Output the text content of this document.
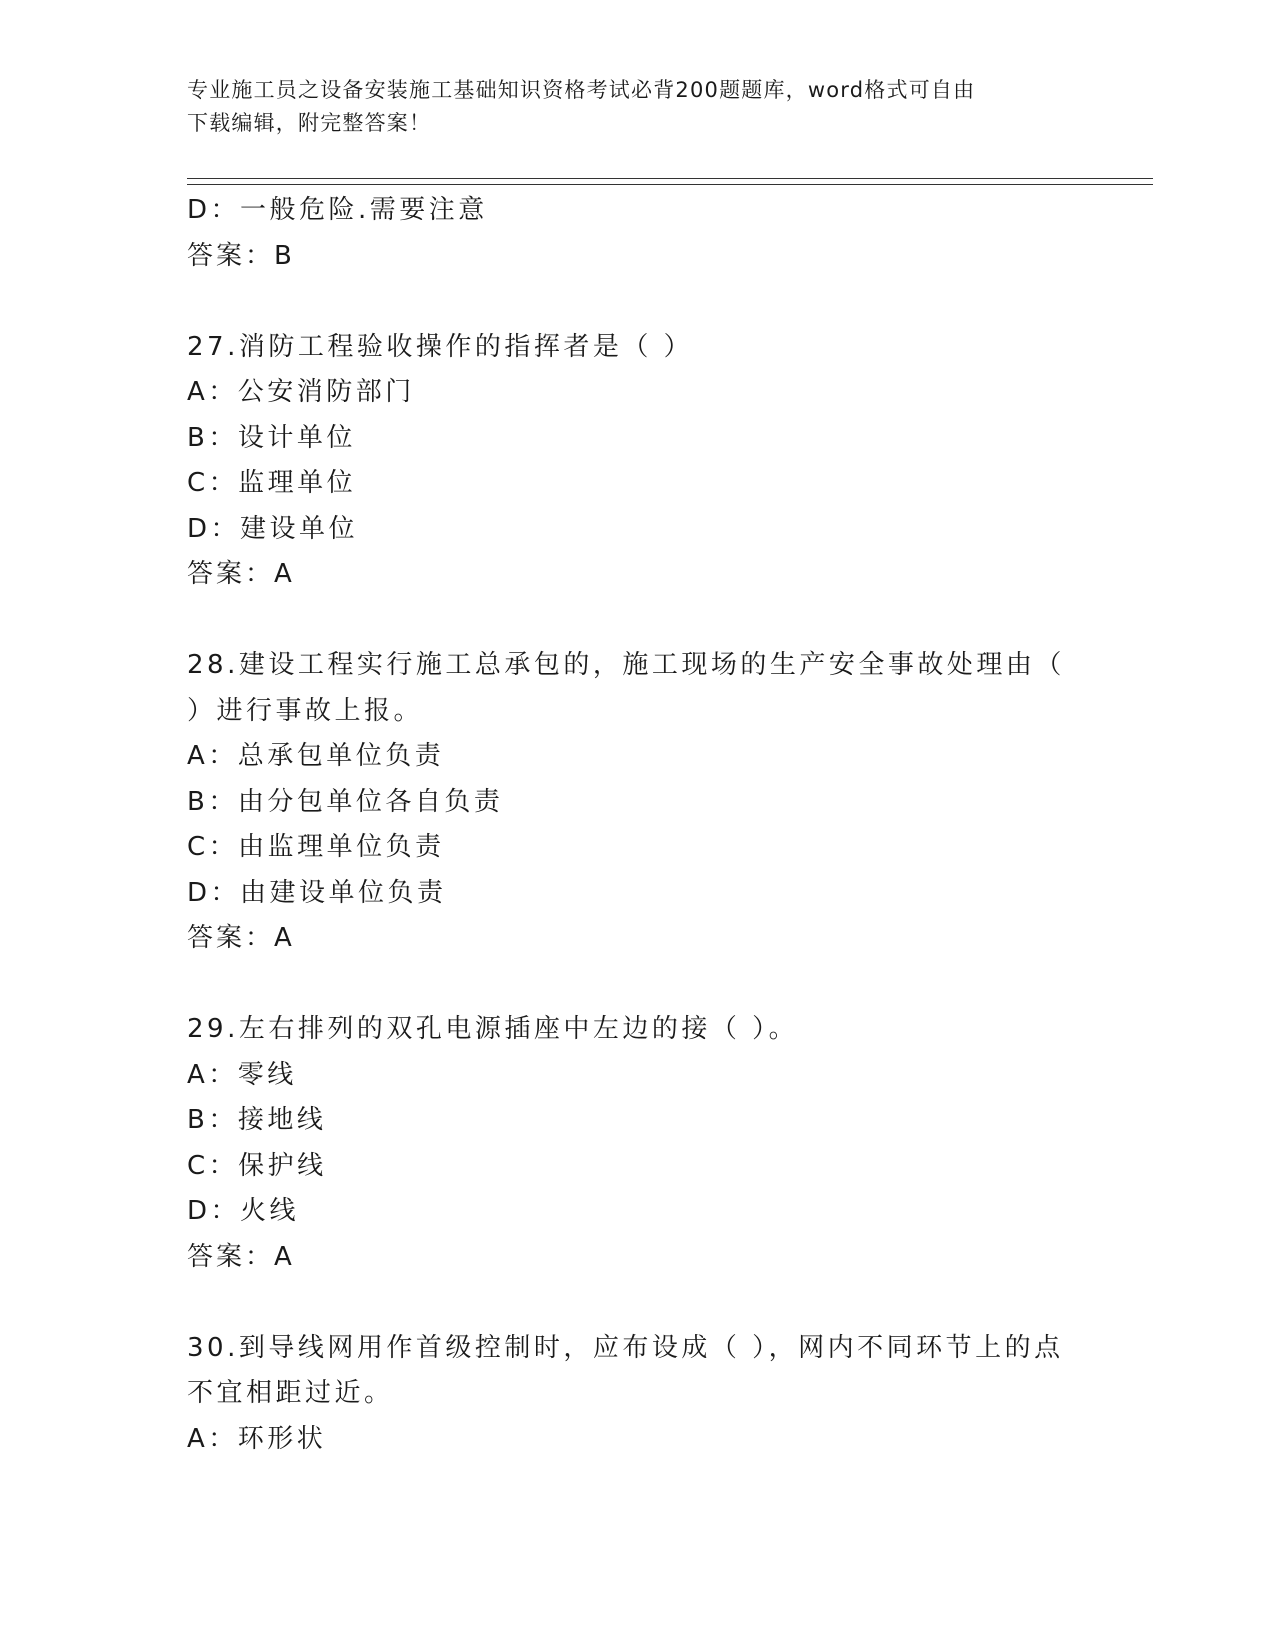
专业施工员之设备安装施工基础知识资格考试必背200题题库，word格式可自由
下载编辑，附完整答案！
D：一般危险.需要注意
答案：B
27.消防工程验收操作的指挥者是（ ）
A：公安消防部门
B：设计单位
C：监理单位
D：建设单位
答案：A
28.建设工程实行施工总承包的，施工现场的生产安全事故处理由（
）进行事故上报。
A：总承包单位负责
B：由分包单位各自负责
C：由监理单位负责
D：由建设单位负责
答案：A
29.左右排列的双孔电源插座中左边的接（ ）。
A：零线
B：接地线
C：保护线
D：火线
答案：A
30.到导线网用作首级控制时，应布设成（ ），网内不同环节上的点
不宜相距过近。
A：环形状
